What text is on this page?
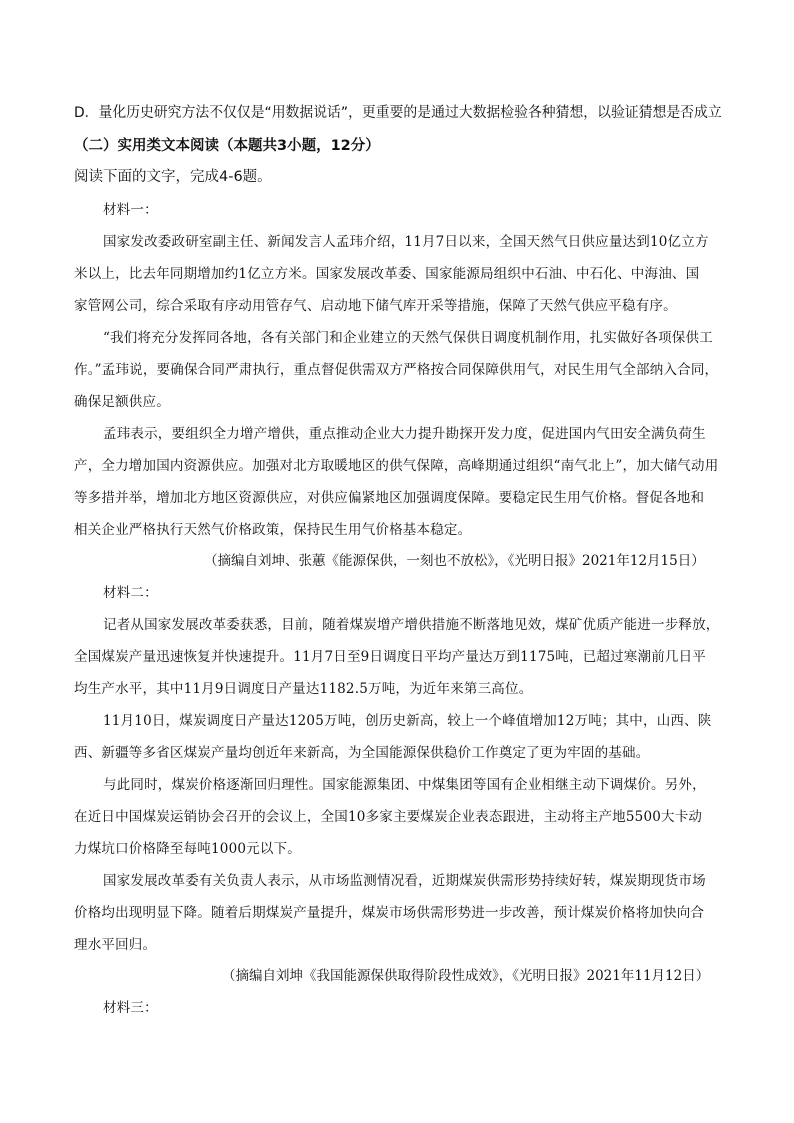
D．量化历史研究方法不仅仅是“用数据说话”，更重要的是通过大数据检验各种猜想，以验证猜想是否成立
（二）实用类文本阅读（本题共3小题，12分）
阅读下面的文字，完成4-6题。
材料一：
国家发改委政研室副主任、新闻发言人孟玮介绍，11月7日以来，全国天然气日供应量达到10亿立方
米以上，比去年同期增加约1亿立方米。国家发展改革委、国家能源局组织中石油、中石化、中海油、国
家管网公司，综合采取有序动用管存气、启动地下储气库开采等措施，保障了天然气供应平稳有序。
“我们将充分发挥同各地，各有关部门和企业建立的天然气保供日调度机制作用，扎实做好各项保供工
作。”孟玮说，要确保合同严肃执行，重点督促供需双方严格按合同保障供用气，对民生用气全部纳入合同，
确保足额供应。
孟玮表示，要组织全力增产增供，重点推动企业大力提升勘探开发力度，促进国内气田安全满负荷生
产，全力增加国内资源供应。加强对北方取暖地区的供气保障，高峰期通过组织“南气北上”，加大储气动用
等多措并举，增加北方地区资源供应，对供应偏紧地区加强调度保障。要稳定民生用气价格。督促各地和
相关企业严格执行天然气价格政策，保持民生用气价格基本稳定。
（摘编自刘坤、张蕙《能源保供，一刻也不放松》，《光明日报》2021年12月15日）
材料二：
记者从国家发展改革委获悉，目前，随着煤炭增产增供措施不断落地见效，煤矿优质产能进一步释放，
全国煤炭产量迅速恢复并快速提升。11月7日至9日调度日平均产量达万到1175吨，已超过寒潮前几日平
均生产水平，其中11月9日调度日产量达1182.5万吨，为近年来第三高位。
11月10日，煤炭调度日产量达1205万吨，创历史新高，较上一个峰值增加12万吨；其中，山西、陕
西、新疆等多省区煤炭产量均创近年来新高，为全国能源保供稳价工作奠定了更为牢固的基础。
与此同时，煤炭价格逐渐回归理性。国家能源集团、中煤集团等国有企业相继主动下调煤价。另外，
在近日中国煤炭运销协会召开的会议上，全国10多家主要煤炭企业表态跟进，主动将主产地5500大卡动
力煤坑口价格降至每吨1000元以下。
国家发展改革委有关负责人表示，从市场监测情况看，近期煤炭供需形势持续好转，煤炭期现货市场
价格均出现明显下降。随着后期煤炭产量提升，煤炭市场供需形势进一步改善，预计煤炭价格将加快向合
理水平回归。
（摘编自刘坤《我国能源保供取得阶段性成效》，《光明日报》2021年11月12日）
材料三：
